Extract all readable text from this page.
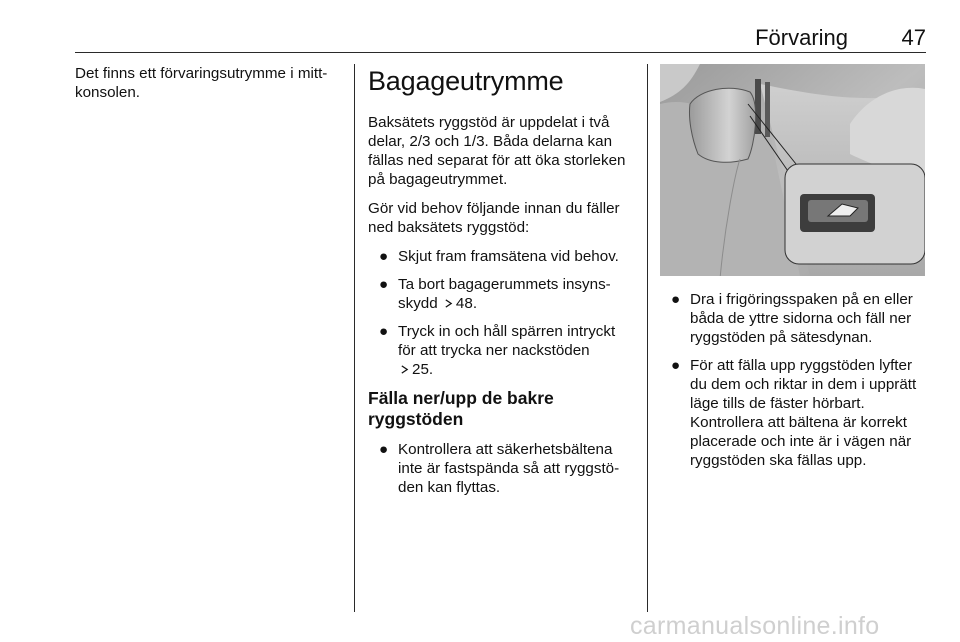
Förvaring	47

Det finns ett förvaringsutrymme i mittkonsolen.	Bagageutrymme

Baksätets ryggstöd är uppdelat i två delar, 2/3 och 1/3. Båda delarna kan fällas ned separat för att öka storleken på bagageutrymmet.

Gör vid behov följande innan du fäller ned baksätets ryggstöd:

● Skjut fram framsätena vid behov.
● Ta bort bagagerummets insynsskydd 48.
● Tryck in och håll spärren intryckt för att trycka ner nackstöden
25.
Fälla ner/upp de bakre ryggstöden
● Kontrollera att säkerhetsbältena inte är fastspända så att ryggstöden kan flyttas.
● Dra i frigöringsspaken på en eller båda de yttre sidorna och fäll ner ryggstöden på sätesdynan.
● För att fälla upp ryggstöden lyfter du dem och riktar in dem i upprätt läge tills de fäster hörbart.
Kontrollera att bältena är korrekt placerade och inte är i vägen när ryggstöden ska fällas upp.
carmanualsonline.info
